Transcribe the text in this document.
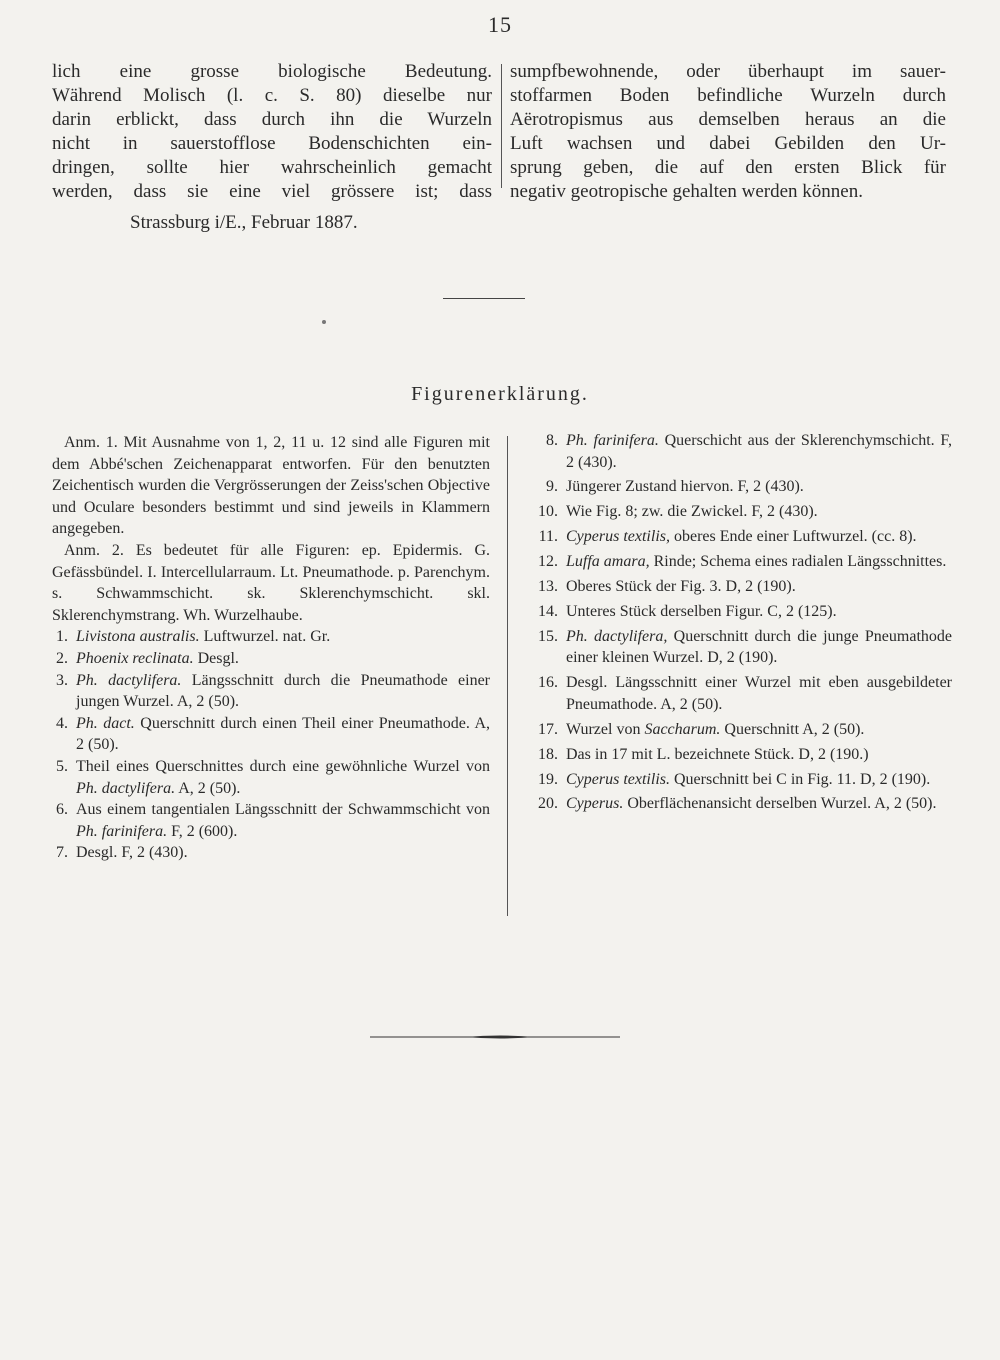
15

lich eine grosse biologische Bedeutung.
Während Molisch (l. c. S. 80) dieselbe nur
darin erblickt, dass durch ihn die Wurzeln
nicht in sauerstofflose Bodenschichten ein-
dringen, sollte hier wahrscheinlich gemacht
werden, dass sie eine viel grössere ist; dass

Strassburg i/E., Februar 1887.

sumpfbewohnende, oder überhaupt im sauer-
stoffarmen Boden befindliche Wurzeln durch
Aërotropismus aus demselben heraus an die
Luft wachsen und dabei Gebilden den Ur-
sprung geben, die auf den ersten Blick für
negativ geotropische gehalten werden können.

Figurenerklärung.

Anm. 1. Mit Ausnahme von 1, 2, 11 u. 12 sind alle Figuren mit dem Abbé'schen Zeichenapparat entworfen. Für den benutzten Zeichentisch wurden die Vergrösserungen der Zeiss'schen Objective und Oculare besonders bestimmt und sind jeweils in Klammern angegeben.

Anm. 2. Es bedeutet für alle Figuren: ep. Epidermis. G. Gefässbündel. I. Intercellularraum. Lt. Pneumathode. p. Parenchym. s. Schwammschicht. sk. Sklerenchymschicht. skl. Sklerenchymstrang. Wh. Wurzelhaube.

1. Livistona australis. Luftwurzel. nat. Gr.
2. Phoenix reclinata. Desgl.
3. Ph. dactylifera. Längsschnitt durch die Pneumathode einer jungen Wurzel. A, 2 (50).
4. Ph. dact. Querschnitt durch einen Theil einer Pneumathode. A, 2 (50).
5. Theil eines Querschnittes durch eine gewöhnliche Wurzel von Ph. dactylifera. A, 2 (50).
6. Aus einem tangentialen Längsschnitt der Schwammschicht von Ph. farinifera. F, 2 (600).
7. Desgl. F, 2 (430).
8. Ph. farinifera. Querschicht aus der Sklerenchymschicht. F, 2 (430).
9. Jüngerer Zustand hiervon. F, 2 (430).
10. Wie Fig. 8; zw. die Zwickel. F, 2 (430).
11. Cyperus textilis, oberes Ende einer Luftwurzel. (cc. 8).
12. Luffa amara, Rinde; Schema eines radialen Längsschnittes.
13. Oberes Stück der Fig. 3. D, 2 (190).
14. Unteres Stück derselben Figur. C, 2 (125).
15. Ph. dactylifera, Querschnitt durch die junge Pneumathode einer kleinen Wurzel. D, 2 (190).
16. Desgl. Längsschnitt einer Wurzel mit eben ausgebildeter Pneumathode. A, 2 (50).
17. Wurzel von Saccharum. Querschnitt A, 2 (50).
18. Das in 17 mit L. bezeichnete Stück. D, 2 (190.)
19. Cyperus textilis. Querschnitt bei C in Fig. 11. D, 2 (190).
20. Cyperus. Oberflächenansicht derselben Wurzel. A, 2 (50).
